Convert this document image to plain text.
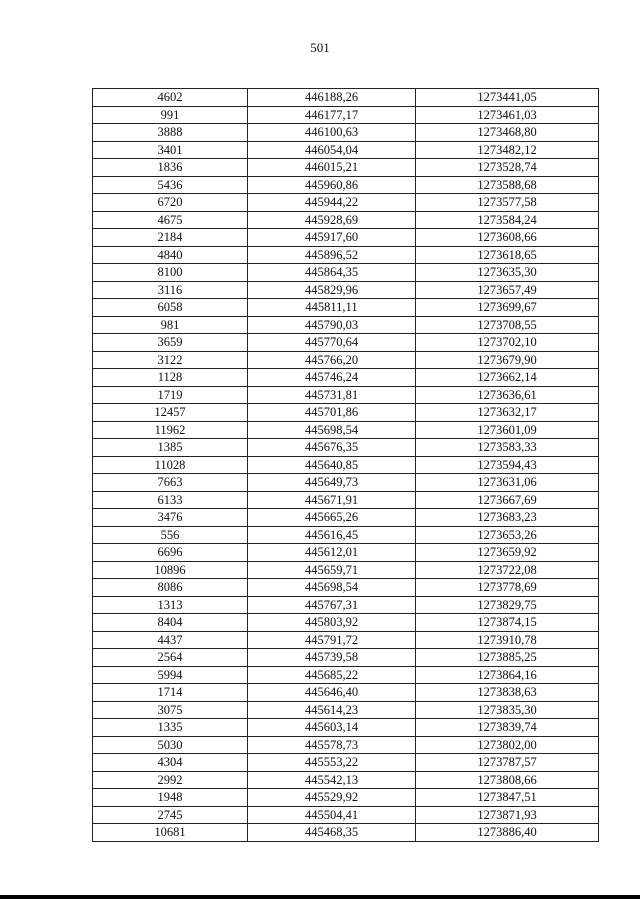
501
4602	446188,26	1273441,05
991	446177,17	1273461,03
3888	446100,63	1273468,80
3401	446054,04	1273482,12
1836	446015,21	1273528,74
5436	445960,86	1273588,68
6720	445944,22	1273577,58
4675	445928,69	1273584,24
2184	445917,60	1273608,66
4840	445896,52	1273618,65
8100	445864,35	1273635,30
3116	445829,96	1273657,49
6058	445811,11	1273699,67
981	445790,03	1273708,55
3659	445770,64	1273702,10
3122	445766,20	1273679,90
1128	445746,24	1273662,14
1719	445731,81	1273636,61
12457	445701,86	1273632,17
11962	445698,54	1273601,09
1385	445676,35	1273583,33
11028	445640,85	1273594,43
7663	445649,73	1273631,06
6133	445671,91	1273667,69
3476	445665,26	1273683,23
556	445616,45	1273653,26
6696	445612,01	1273659,92
10896	445659,71	1273722,08
8086	445698,54	1273778,69
1313	445767,31	1273829,75
8404	445803,92	1273874,15
4437	445791,72	1273910,78
2564	445739,58	1273885,25
5994	445685,22	1273864,16
1714	445646,40	1273838,63
3075	445614,23	1273835,30
1335	445603,14	1273839,74
5030	445578,73	1273802,00
4304	445553,22	1273787,57
2992	445542,13	1273808,66
1948	445529,92	1273847,51
2745	445504,41	1273871,93
10681	445468,35	1273886,40
